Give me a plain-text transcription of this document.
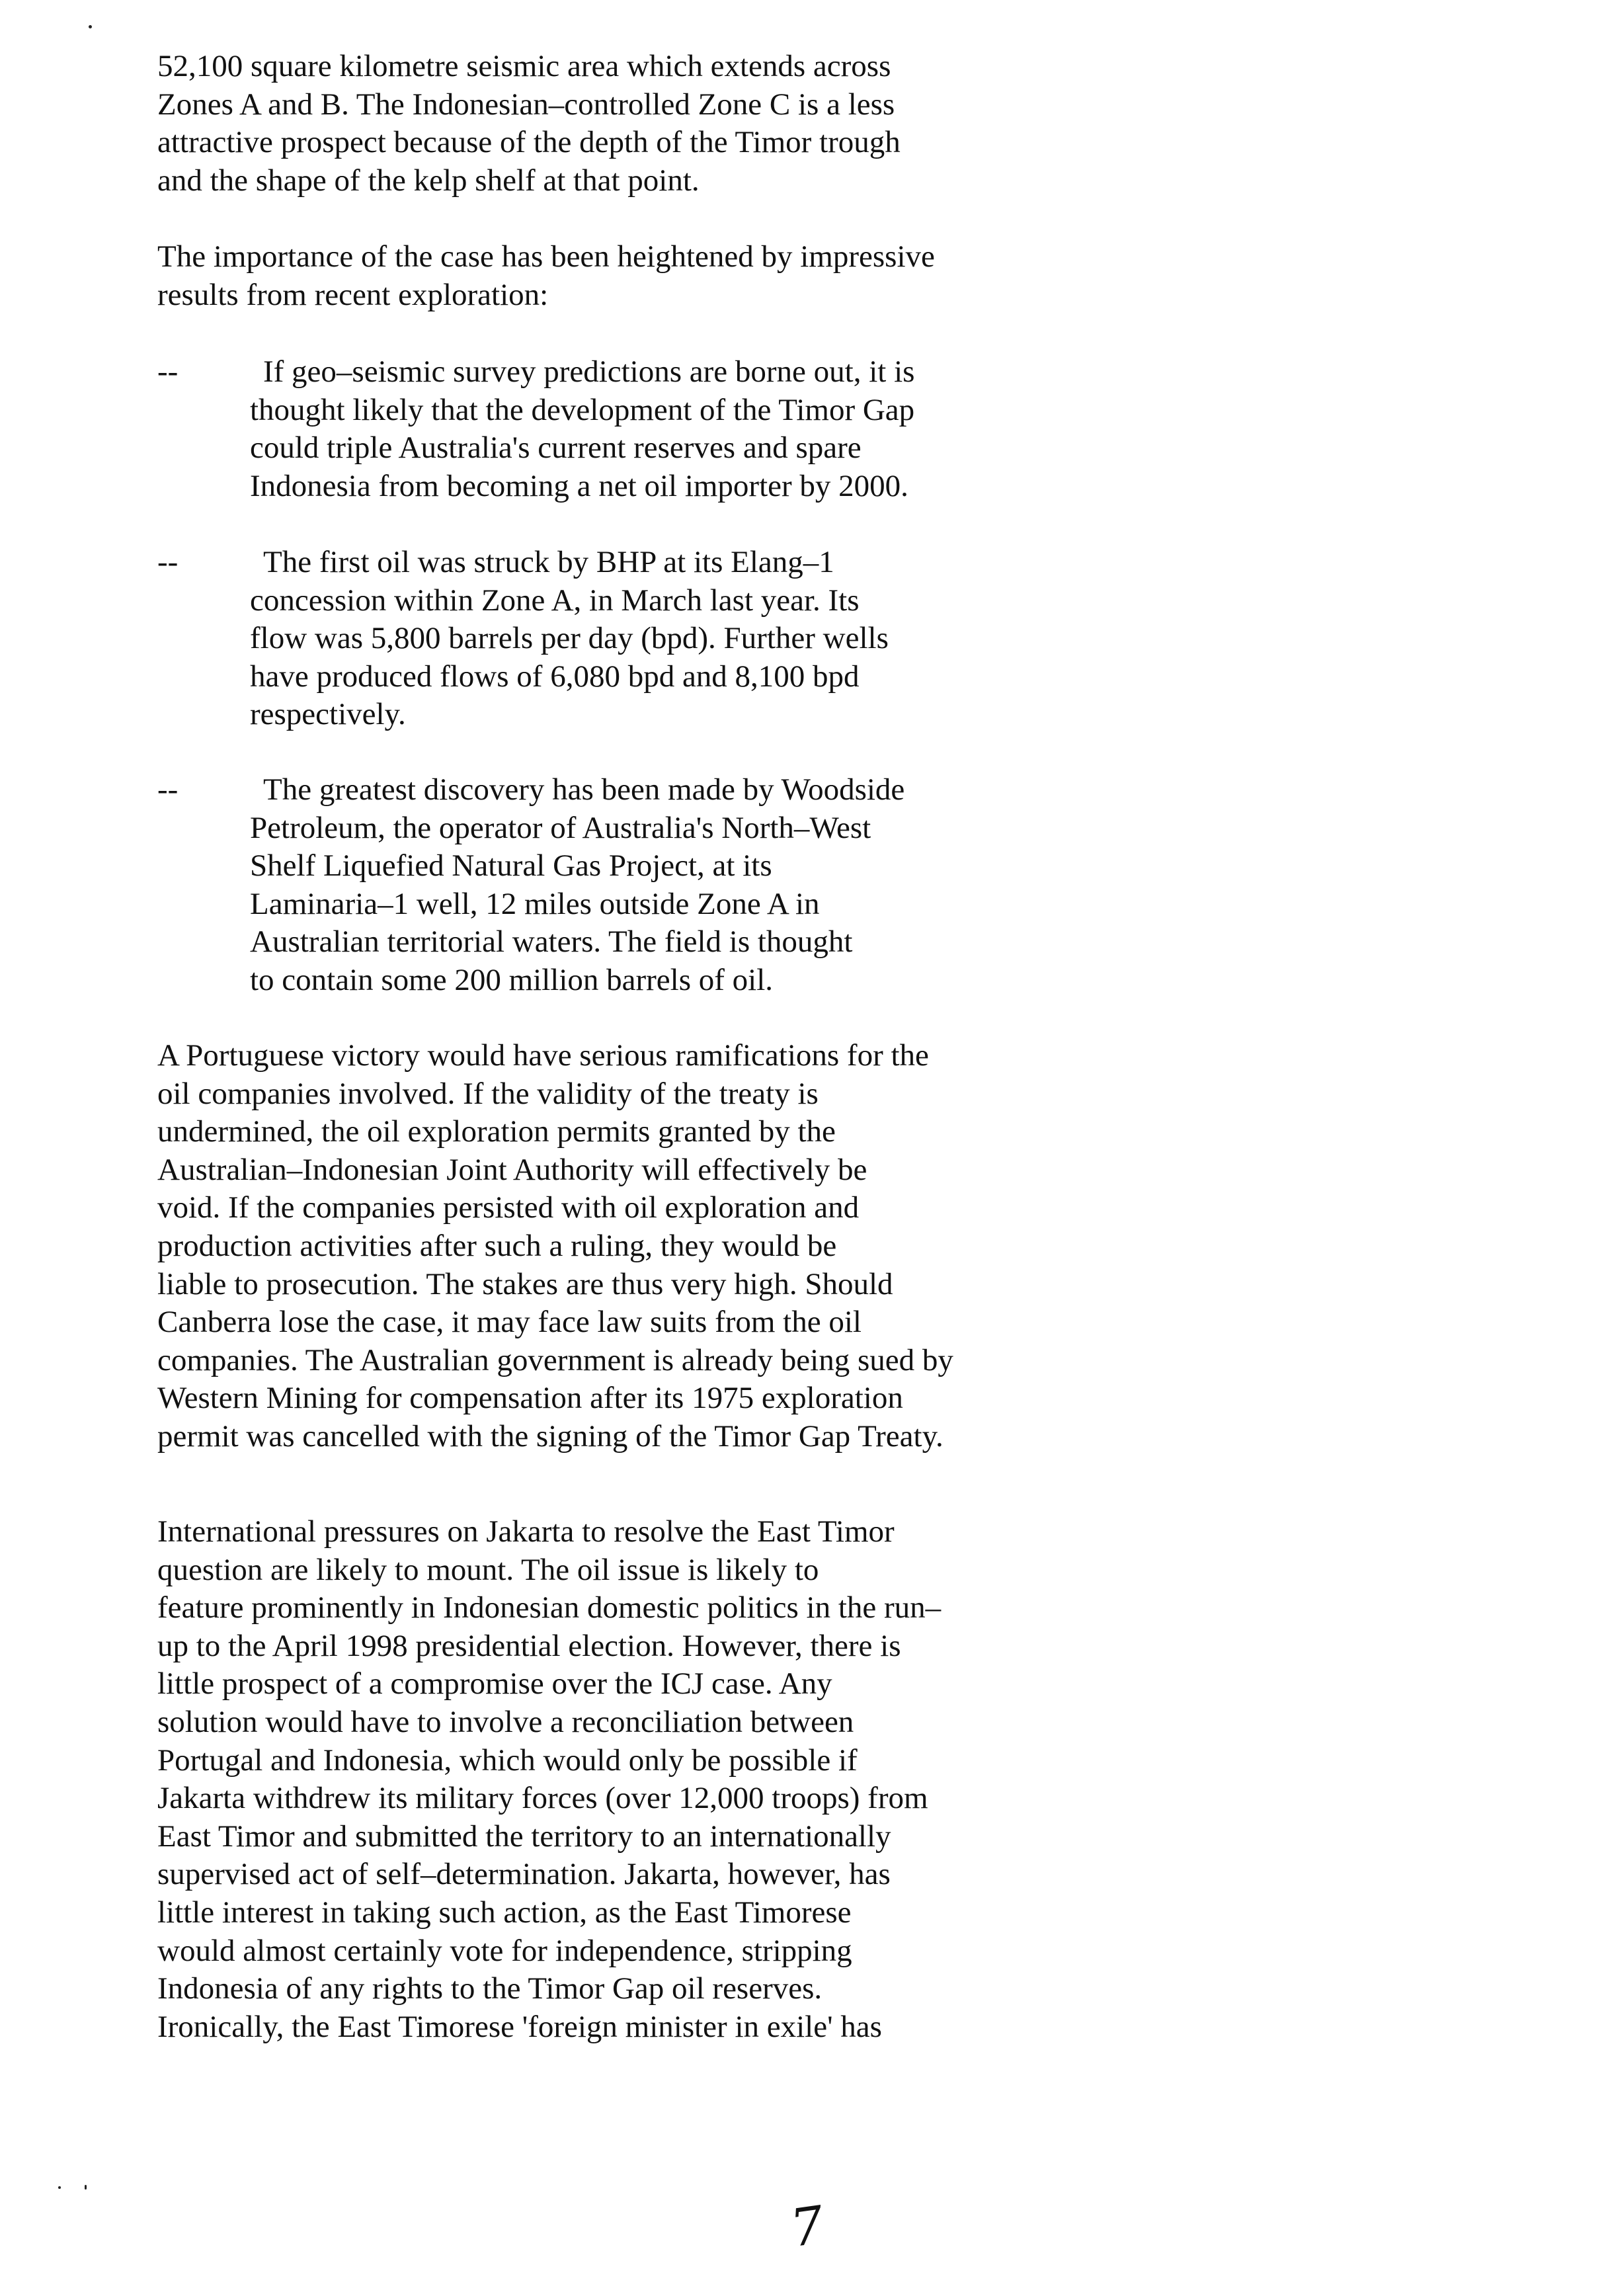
52,100 square kilometre seismic area which extends across
Zones A and B. The Indonesian–controlled Zone C is a less
attractive prospect because of the depth of the Timor trough
and the shape of the kelp shelf at that point.

The importance of the case has been heightened by impressive
results from recent exploration:

--	If geo–seismic survey predictions are borne out, it is
thought likely that the development of the Timor Gap
could triple Australia's current reserves and spare
Indonesia from becoming a net oil importer by 2000.

--	The first oil was struck by BHP at its Elang–1
concession within Zone A, in March last year. Its
flow was 5,800 barrels per day (bpd). Further wells
have produced flows of 6,080 bpd and 8,100 bpd
respectively.

--	The greatest discovery has been made by Woodside
Petroleum, the operator of Australia's North–West
Shelf Liquefied Natural Gas Project, at its
Laminaria–1 well, 12 miles outside Zone A in
Australian territorial waters. The field is thought
to contain some 200 million barrels of oil.

A Portuguese victory would have serious ramifications for the
oil companies involved. If the validity of the treaty is
undermined, the oil exploration permits granted by the
Australian–Indonesian Joint Authority will effectively be
void. If the companies persisted with oil exploration and
production activities after such a ruling, they would be
liable to prosecution. The stakes are thus very high. Should
Canberra lose the case, it may face law suits from the oil
companies. The Australian government is already being sued by
Western Mining for compensation after its 1975 exploration
permit was cancelled with the signing of the Timor Gap Treaty.

International pressures on Jakarta to resolve the East Timor
question are likely to mount. The oil issue is likely to
feature prominently in Indonesian domestic politics in the run–
up to the April 1998 presidential election. However, there is
little prospect of a compromise over the ICJ case. Any
solution would have to involve a reconciliation between
Portugal and Indonesia, which would only be possible if
Jakarta withdrew its military forces (over 12,000 troops) from
East Timor and submitted the territory to an internationally
supervised act of self–determination. Jakarta, however, has
little interest in taking such action, as the East Timorese
would almost certainly vote for independence, stripping
Indonesia of any rights to the Timor Gap oil reserves.
Ironically, the East Timorese 'foreign minister in exile' has

7
